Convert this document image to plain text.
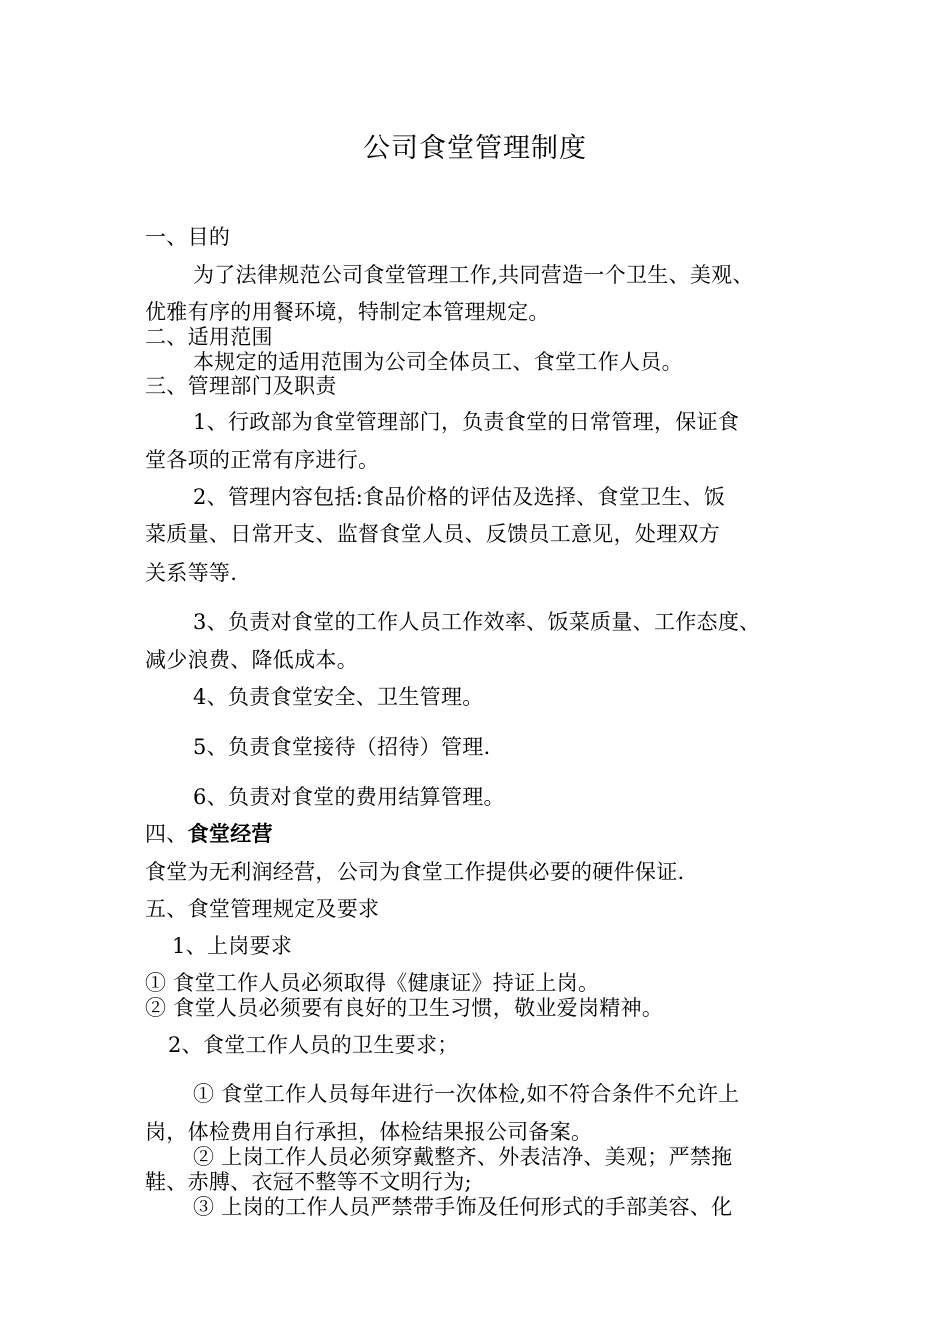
公司食堂管理制度
一、目的
为了法律规范公司食堂管理工作,共同营造一个卫生、美观、
优雅有序的用餐环境，特制定本管理规定。
二、适用范围
本规定的适用范围为公司全体员工、食堂工作人员。
三、管理部门及职责
1、行政部为食堂管理部门，负责食堂的日常管理，保证食
堂各项的正常有序进行。
2、管理内容包括:食品价格的评估及选择、食堂卫生、饭
菜质量、日常开支、监督食堂人员、反馈员工意见，处理双方
关系等等.
3、负责对食堂的工作人员工作效率、饭菜质量、工作态度、
减少浪费、降低成本。
4、负责食堂安全、卫生管理。
5、负责食堂接待（招待）管理.
6、负责对食堂的费用结算管理。
四、食堂经营
食堂为无利润经营，公司为食堂工作提供必要的硬件保证.
五、食堂管理规定及要求
1、上岗要求
① 食堂工作人员必须取得《健康证》持证上岗。
② 食堂人员必须要有良好的卫生习惯，敬业爱岗精神。
2、食堂工作人员的卫生要求；
① 食堂工作人员每年进行一次体检,如不符合条件不允许上
岗，体检费用自行承担，体检结果报公司备案。
② 上岗工作人员必须穿戴整齐、外表洁净、美观；严禁拖
鞋、赤膊、衣冠不整等不文明行为;
③ 上岗的工作人员严禁带手饰及任何形式的手部美容、化
